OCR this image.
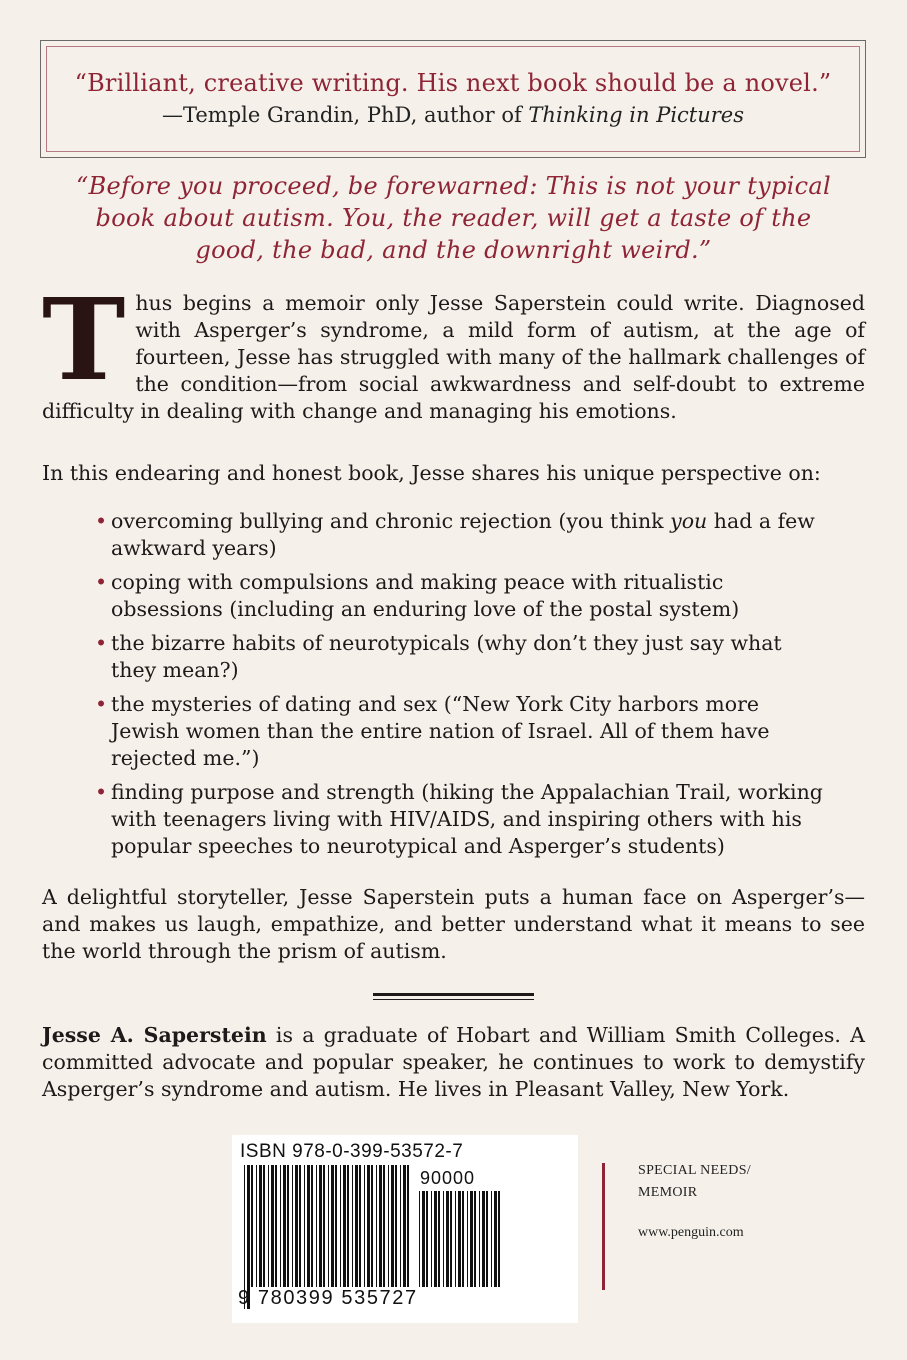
“Brilliant, creative writing. His next book should be a novel.”
—Temple Grandin, PhD, author of Thinking in Pictures
“Before you proceed, be forewarned: This is not your typical book about autism. You, the reader, will get a taste of the good, the bad, and the downright weird.”
Thus begins a memoir only Jesse Saperstein could write. Diagnosed with Asperger’s syndrome, a mild form of autism, at the age of fourteen, Jesse has struggled with many of the hallmark challenges of the condition—from social awkwardness and self-doubt to extreme difficulty in dealing with change and managing his emotions.
In this endearing and honest book, Jesse shares his unique perspective on:
• overcoming bullying and chronic rejection (you think you had a few awkward years)
• coping with compulsions and making peace with ritualistic obsessions (including an enduring love of the postal system)
• the bizarre habits of neurotypicals (why don’t they just say what they mean?)
• the mysteries of dating and sex (“New York City harbors more Jewish women than the entire nation of Israel. All of them have rejected me.”)
• finding purpose and strength (hiking the Appalachian Trail, working with teenagers living with HIV/AIDS, and inspiring others with his popular speeches to neurotypical and Asperger’s students)
A delightful storyteller, Jesse Saperstein puts a human face on Asperger’s—and makes us laugh, empathize, and better understand what it means to see the world through the prism of autism.
Jesse A. Saperstein is a graduate of Hobart and William Smith Colleges. A committed advocate and popular speaker, he continues to work to demystify Asperger’s syndrome and autism. He lives in Pleasant Valley, New York.
ISBN 978-0-399-53572-7
90000
9 780399 535727
SPECIAL NEEDS/
MEMOIR
www.penguin.com
